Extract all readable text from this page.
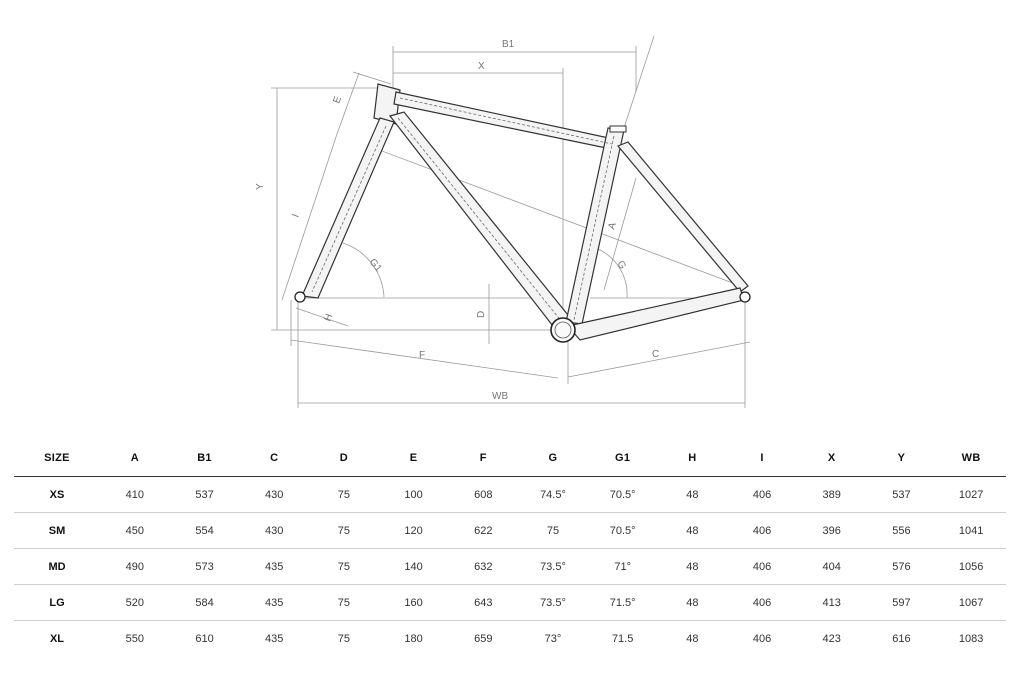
B1
X
E
Y
I
G1
A
G
D
H
F	C
WB
SIZE	A	B1	C	D	E	F	G	G1	H	I	X	Y	WB
XS	410	537	430	75	100	608	74.5°	70.5°	48	406	389	537	1027
SM	450	554	430	75	120	622	75	70.5°	48	406	396	556	1041
MD	490	573	435	75	140	632	73.5°	71°	48	406	404	576	1056
LG	520	584	435	75	160	643	73.5°	71.5°	48	406	413	597	1067
XL	550	610	435	75	180	659	73°	71.5	48	406	423	616	1083
